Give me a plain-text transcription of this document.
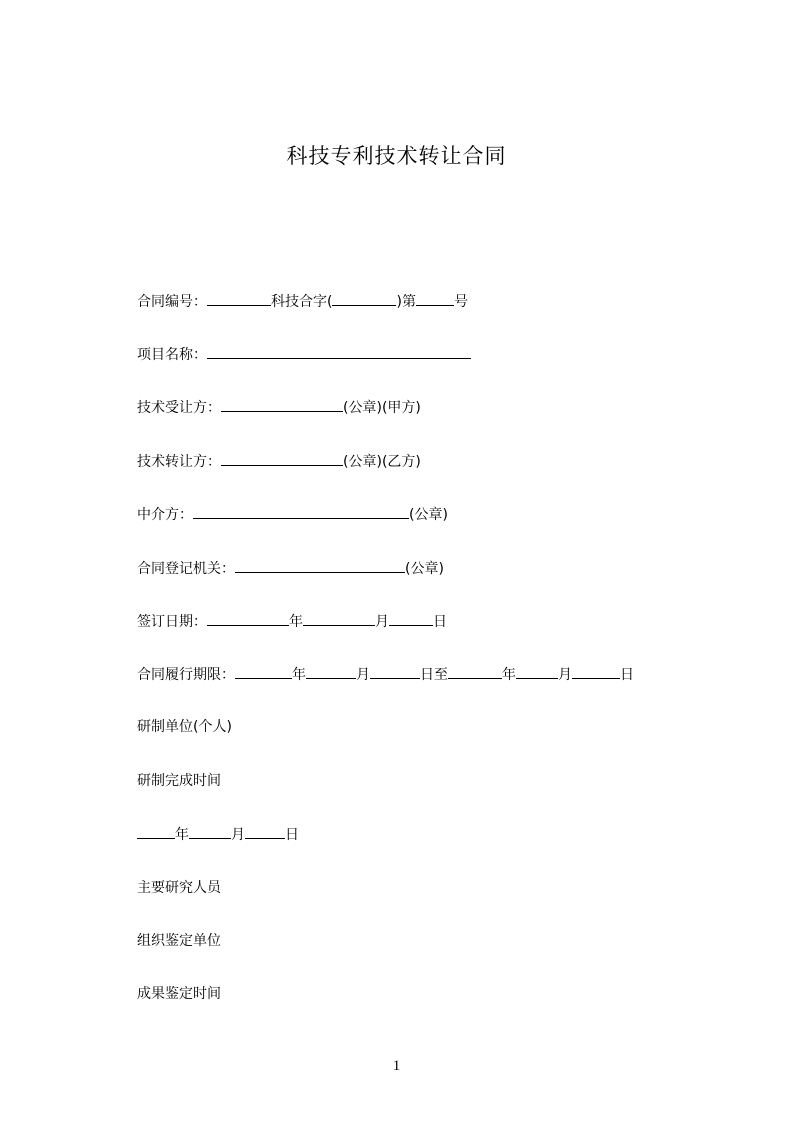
科技专利技术转让合同
合同编号：	科技合字(	)第	号
项目名称：
技术受让方：	(公章)(甲方)
技术转让方：	(公章)(乙方)
中介方：	(公章)
合同登记机关：	(公章)
签订日期：	年	月	日
合同履行期限：	年	月	日至	年	月	日
研制单位(个人)
研制完成时间
年	月	日
主要研究人员
组织鉴定单位
成果鉴定时间
1
